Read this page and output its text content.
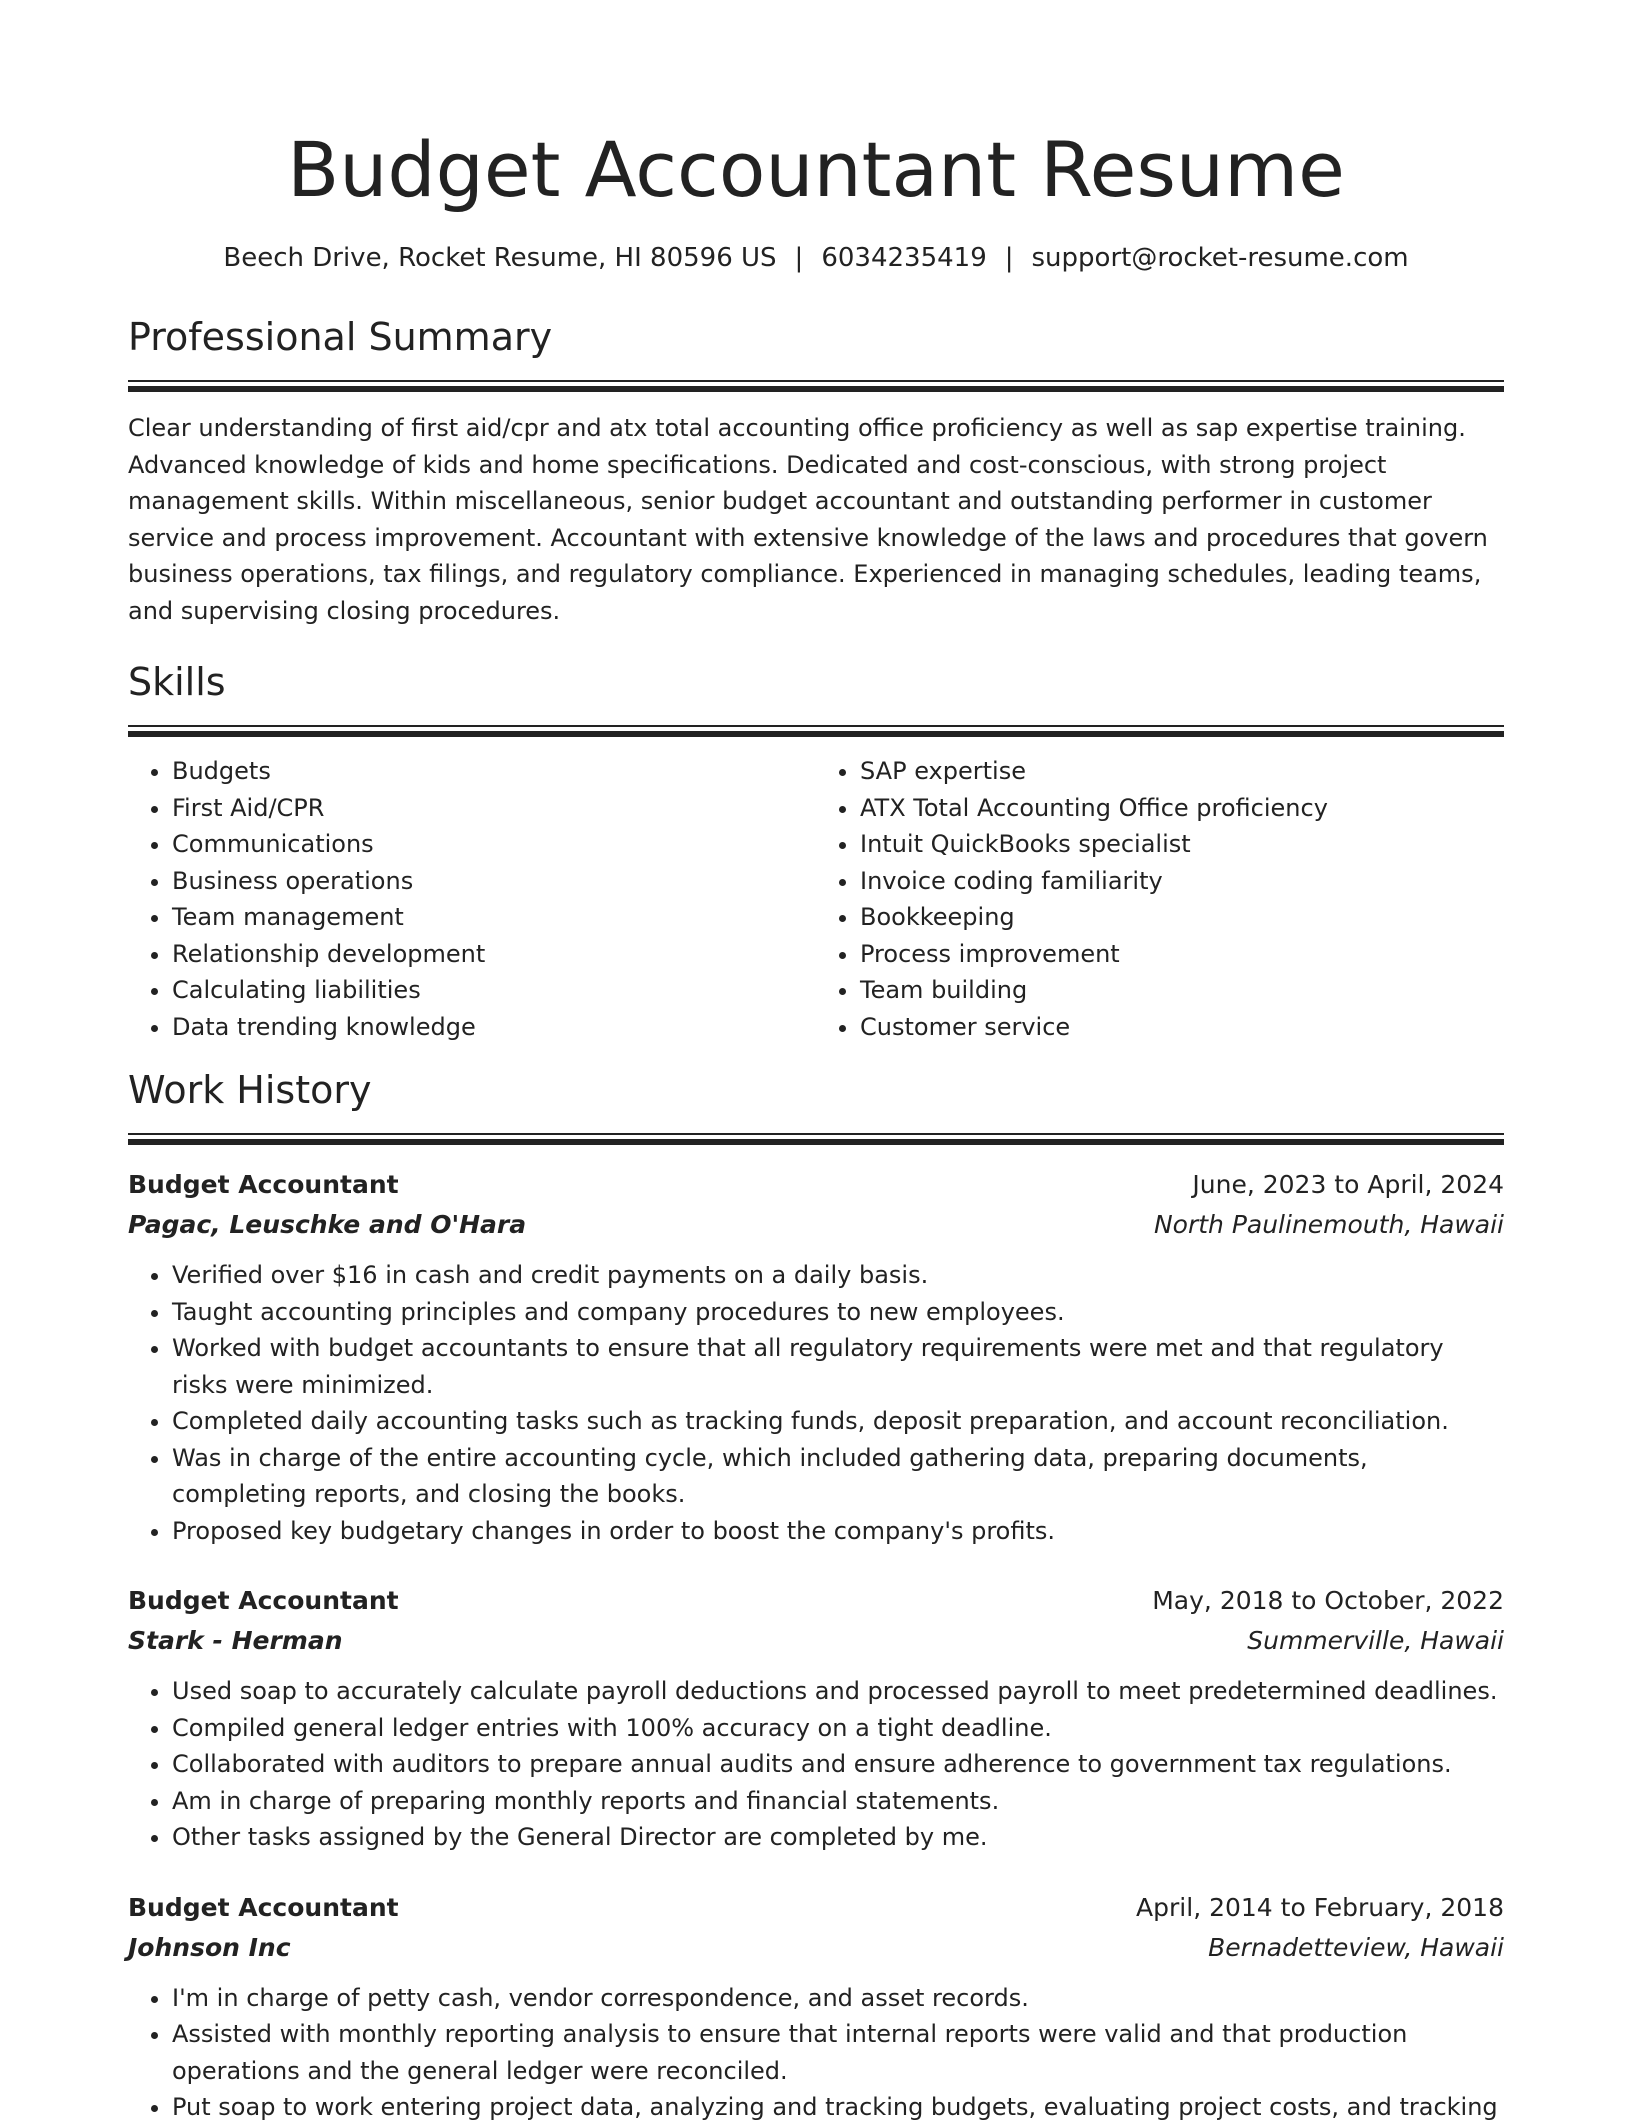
Budget Accountant Resume
Beech Drive, Rocket Resume, HI 80596 US | 6034235419 | support@rocket-resume.com
Professional Summary

Clear understanding of first aid/cpr and atx total accounting office proficiency as well as sap expertise training. Advanced knowledge of kids and home specifications. Dedicated and cost-conscious, with strong project management skills. Within miscellaneous, senior budget accountant and outstanding performer in customer service and process improvement. Accountant with extensive knowledge of the laws and procedures that govern business operations, tax filings, and regulatory compliance. Experienced in managing schedules, leading teams, and supervising closing procedures.

Skills
• Budgets
• First Aid/CPR
• Communications
• Business operations
• Team management
• Relationship development
• Calculating liabilities
• Data trending knowledge
• SAP expertise
• ATX Total Accounting Office proficiency
• Intuit QuickBooks specialist
• Invoice coding familiarity
• Bookkeeping
• Process improvement
• Team building
• Customer service
Work History
Budget Accountant	June, 2023 to April, 2024
Pagac, Leuschke and O'Hara	North Paulinemouth, Hawaii
• Verified over $16 in cash and credit payments on a daily basis.
• Taught accounting principles and company procedures to new employees.
• Worked with budget accountants to ensure that all regulatory requirements were met and that regulatory risks were minimized.
• Completed daily accounting tasks such as tracking funds, deposit preparation, and account reconciliation.
• Was in charge of the entire accounting cycle, which included gathering data, preparing documents, completing reports, and closing the books.
• Proposed key budgetary changes in order to boost the company's profits.
Budget Accountant	May, 2018 to October, 2022
Stark - Herman	Summerville, Hawaii
• Used soap to accurately calculate payroll deductions and processed payroll to meet predetermined deadlines.
• Compiled general ledger entries with 100% accuracy on a tight deadline.
• Collaborated with auditors to prepare annual audits and ensure adherence to government tax regulations.
• Am in charge of preparing monthly reports and financial statements.
• Other tasks assigned by the General Director are completed by me.
Budget Accountant	April, 2014 to February, 2018
Johnson Inc	Bernadetteview, Hawaii
• I'm in charge of petty cash, vendor correspondence, and asset records.
• Assisted with monthly reporting analysis to ensure that internal reports were valid and that production operations and the general ledger were reconciled.
• Put soap to work entering project data, analyzing and tracking budgets, evaluating project costs, and tracking
